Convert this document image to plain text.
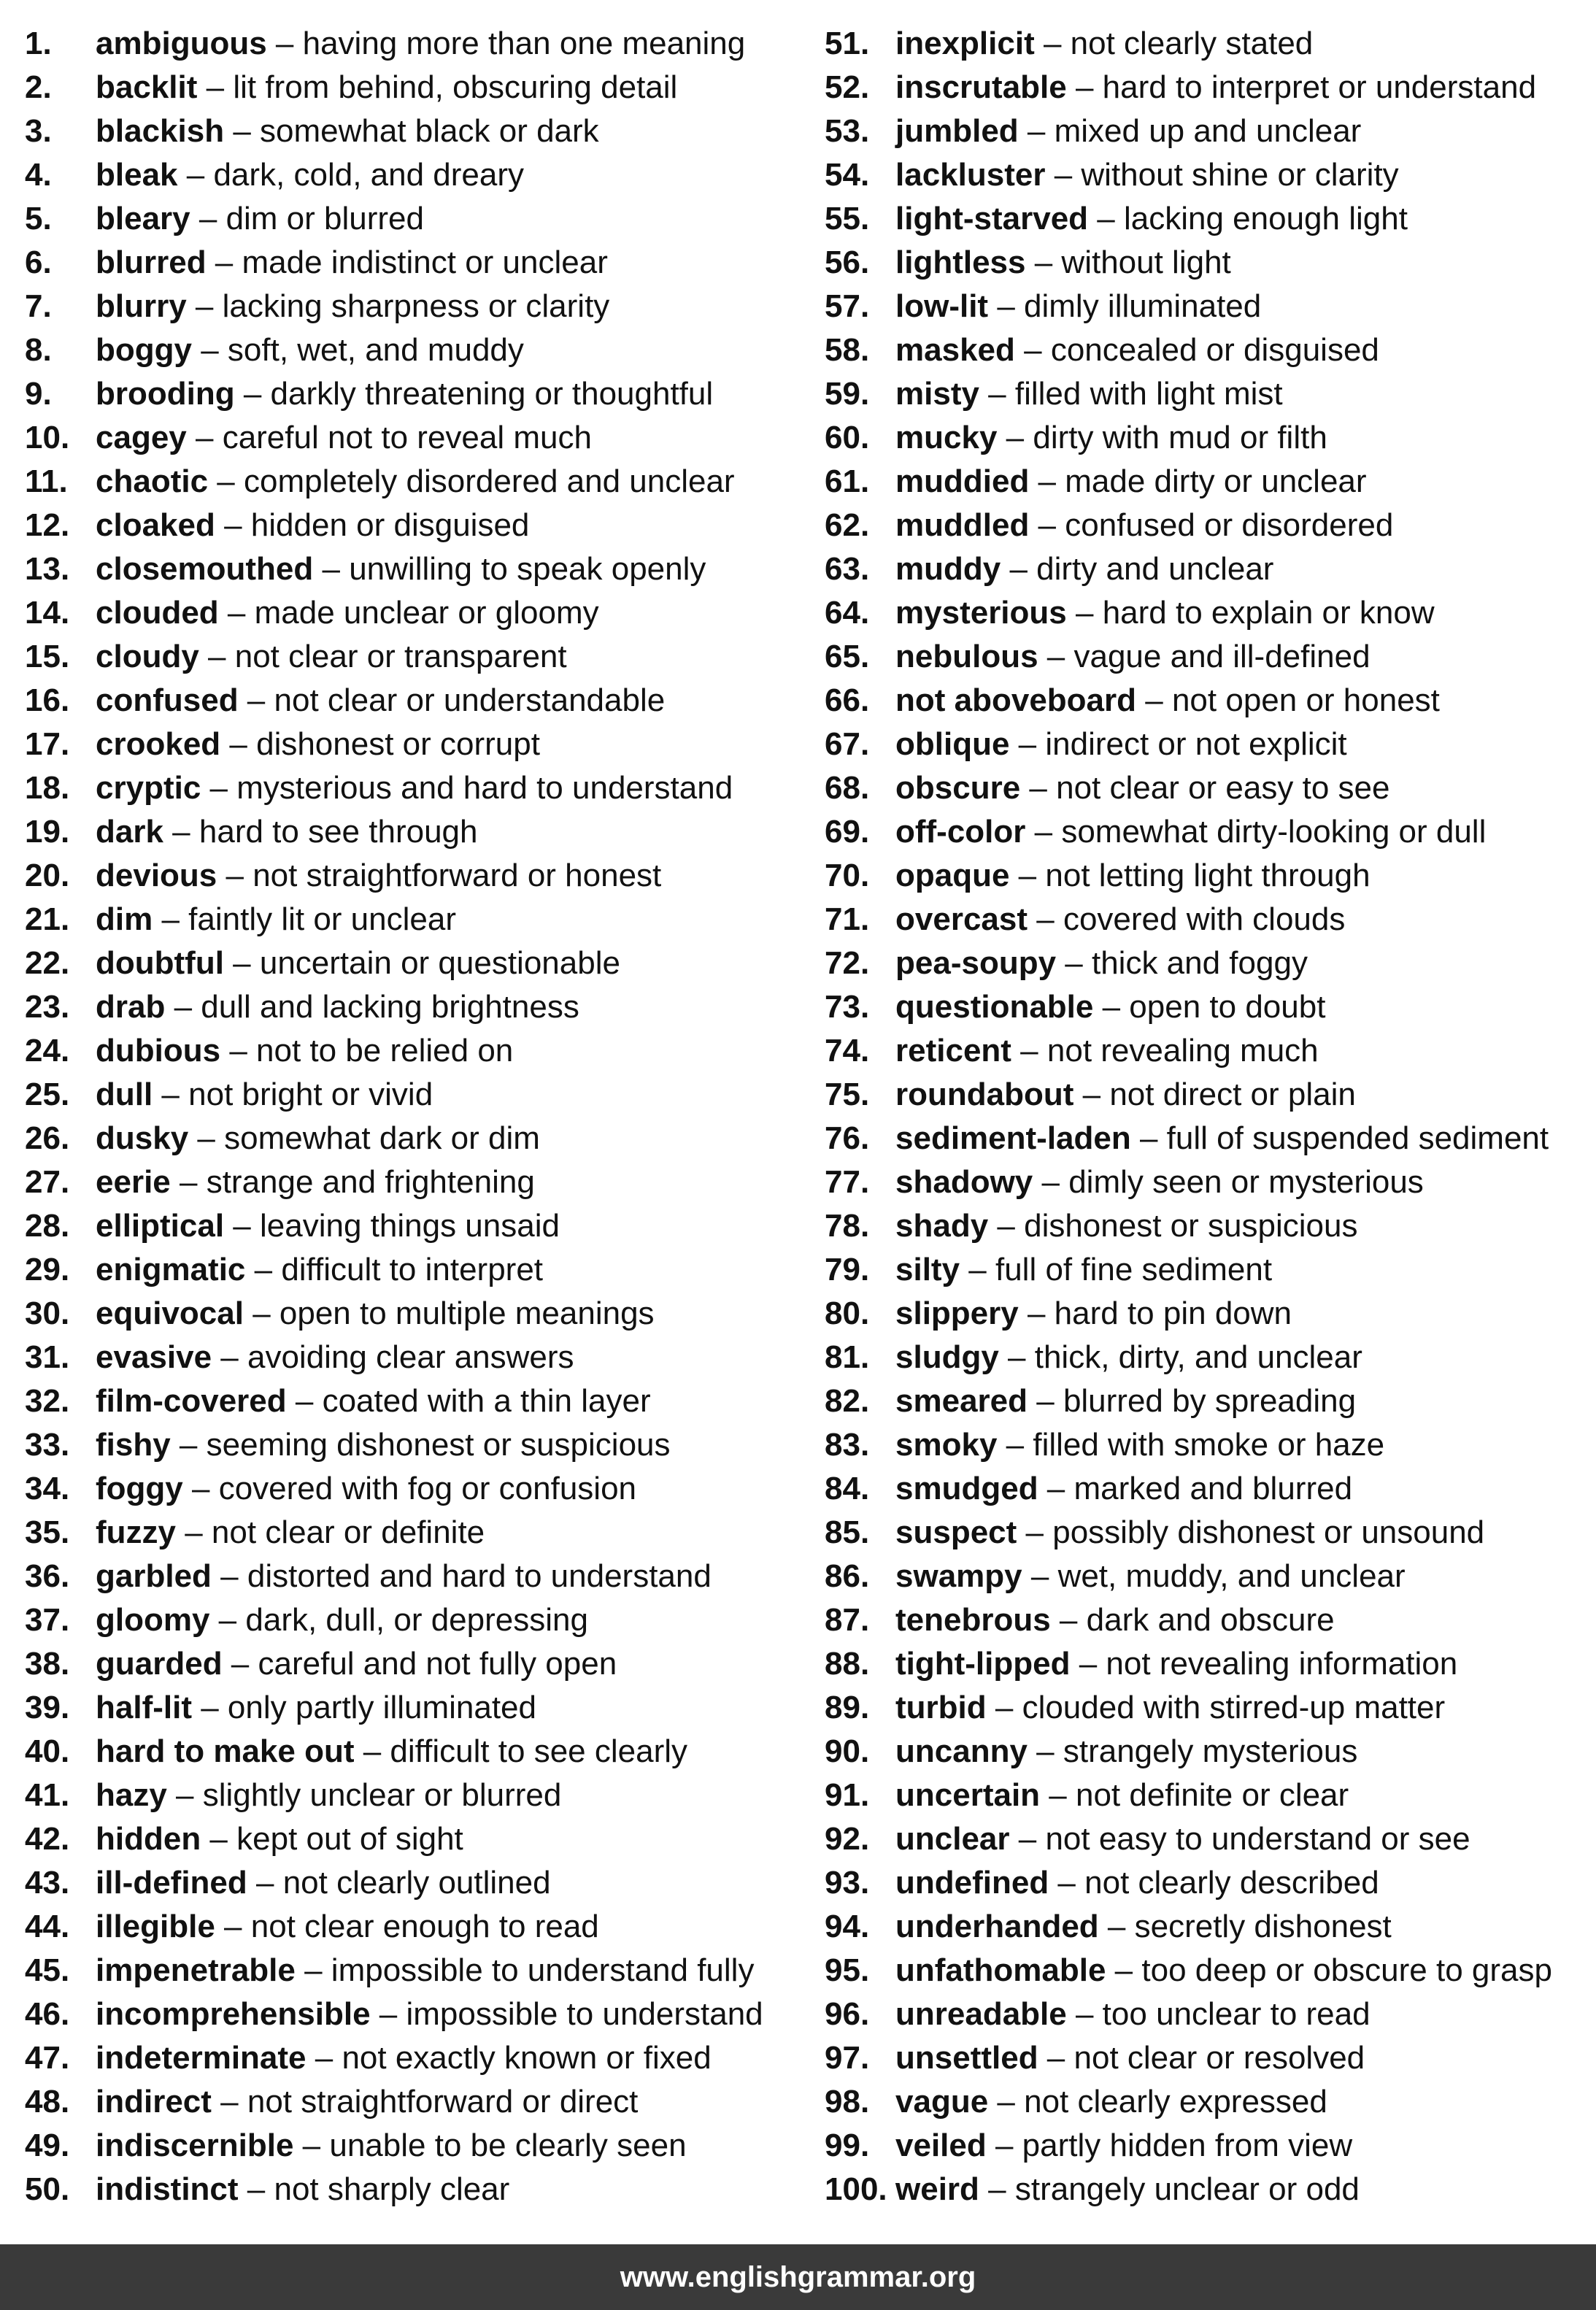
1. ambiguous – having more than one meaning
2. backlit – lit from behind, obscuring detail
3. blackish – somewhat black or dark
4. bleak – dark, cold, and dreary
5. bleary – dim or blurred
6. blurred – made indistinct or unclear
7. blurry – lacking sharpness or clarity
8. boggy – soft, wet, and muddy
9. brooding – darkly threatening or thoughtful
10. cagey – careful not to reveal much
11. chaotic – completely disordered and unclear
12. cloaked – hidden or disguised
13. closemouthed – unwilling to speak openly
14. clouded – made unclear or gloomy
15. cloudy – not clear or transparent
16. confused – not clear or understandable
17. crooked – dishonest or corrupt
18. cryptic – mysterious and hard to understand
19. dark – hard to see through
20. devious – not straightforward or honest
21. dim – faintly lit or unclear
22. doubtful – uncertain or questionable
23. drab – dull and lacking brightness
24. dubious – not to be relied on
25. dull – not bright or vivid
26. dusky – somewhat dark or dim
27. eerie – strange and frightening
28. elliptical – leaving things unsaid
29. enigmatic – difficult to interpret
30. equivocal – open to multiple meanings
31. evasive – avoiding clear answers
32. film-covered – coated with a thin layer
33. fishy – seeming dishonest or suspicious
34. foggy – covered with fog or confusion
35. fuzzy – not clear or definite
36. garbled – distorted and hard to understand
37. gloomy – dark, dull, or depressing
38. guarded – careful and not fully open
39. half-lit – only partly illuminated
40. hard to make out – difficult to see clearly
41. hazy – slightly unclear or blurred
42. hidden – kept out of sight
43. ill-defined – not clearly outlined
44. illegible – not clear enough to read
45. impenetrable – impossible to understand fully
46. incomprehensible – impossible to understand
47. indeterminate – not exactly known or fixed
48. indirect – not straightforward or direct
49. indiscernible – unable to be clearly seen
50. indistinct – not sharply clear
51. inexplicit – not clearly stated
52. inscrutable – hard to interpret or understand
53. jumbled – mixed up and unclear
54. lackluster – without shine or clarity
55. light-starved – lacking enough light
56. lightless – without light
57. low-lit – dimly illuminated
58. masked – concealed or disguised
59. misty – filled with light mist
60. mucky – dirty with mud or filth
61. muddied – made dirty or unclear
62. muddled – confused or disordered
63. muddy – dirty and unclear
64. mysterious – hard to explain or know
65. nebulous – vague and ill-defined
66. not aboveboard – not open or honest
67. oblique – indirect or not explicit
68. obscure – not clear or easy to see
69. off-color – somewhat dirty-looking or dull
70. opaque – not letting light through
71. overcast – covered with clouds
72. pea-soupy – thick and foggy
73. questionable – open to doubt
74. reticent – not revealing much
75. roundabout – not direct or plain
76. sediment-laden – full of suspended sediment
77. shadowy – dimly seen or mysterious
78. shady – dishonest or suspicious
79. silty – full of fine sediment
80. slippery – hard to pin down
81. sludgy – thick, dirty, and unclear
82. smeared – blurred by spreading
83. smoky – filled with smoke or haze
84. smudged – marked and blurred
85. suspect – possibly dishonest or unsound
86. swampy – wet, muddy, and unclear
87. tenebrous – dark and obscure
88. tight-lipped – not revealing information
89. turbid – clouded with stirred-up matter
90. uncanny – strangely mysterious
91. uncertain – not definite or clear
92. unclear – not easy to understand or see
93. undefined – not clearly described
94. underhanded – secretly dishonest
95. unfathomable – too deep or obscure to grasp
96. unreadable – too unclear to read
97. unsettled – not clear or resolved
98. vague – not clearly expressed
99. veiled – partly hidden from view
100. weird – strangely unclear or odd
www.englishgrammar.org
